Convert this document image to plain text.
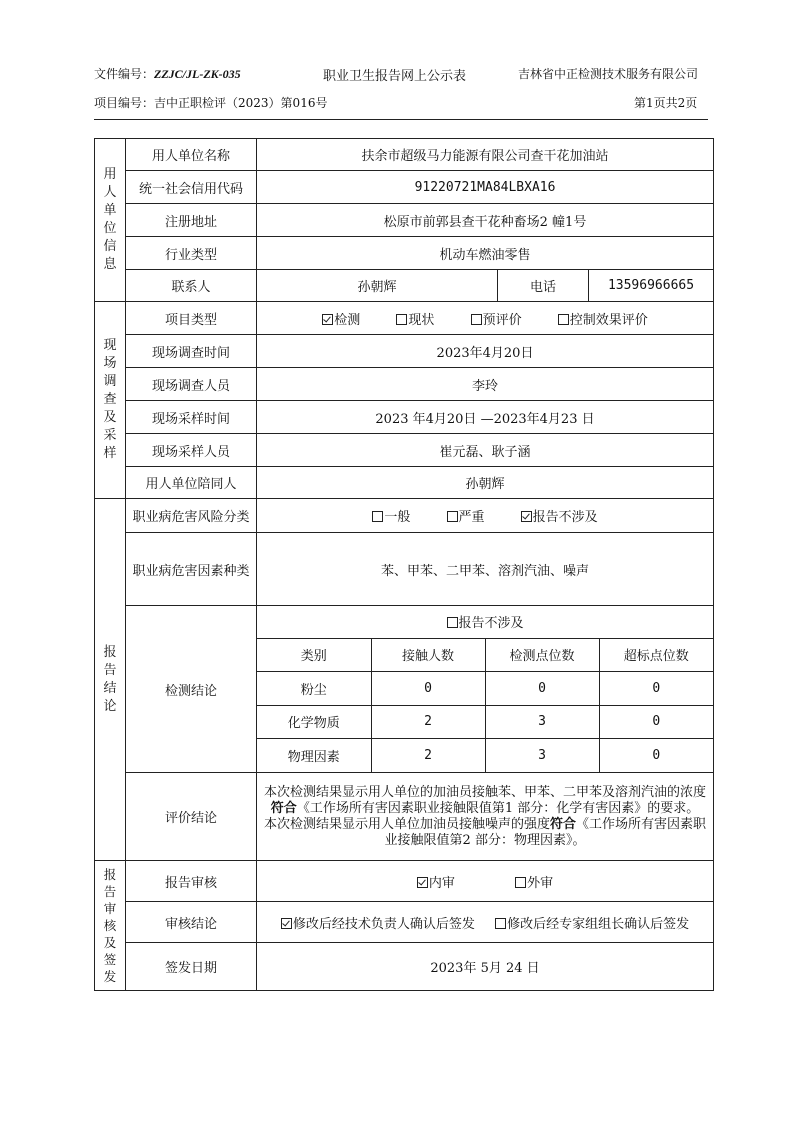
文件编号：ZZJC/JL-ZK-035	职业卫生报告网上公示表	吉林省中正检测技术服务有限公司
项目编号：吉中正职检评（2023）第016号	第1页共2页
用
人
单
位
信
息
	用人单位名称	扶余市超级马力能源有限公司查干花加油站
统一社会信用代码	91220721MA84LBXA16
注册地址	松原市前郭县查干花种畜场2 幢1号
行业类型	机动车燃油零售
联系人	孙朝辉	电话	13596966665

现
场
调
查
及
采
样
	项目类型	检测	现状	预评价	控制效果评价
现场调查时间	2023年4月20日
现场调查人员	李玲
现场采样时间	2023 年4月20日 —2023年4月23 日
现场采样人员	崔元磊、耿子涵
用人单位陪同人	孙朝辉

报
告
结
论
	职业病危害风险分类	一般	严重	报告不涉及
职业病危害因素种类	苯、甲苯、二甲苯、溶剂汽油、噪声
检测结论	
报告不涉及
类别	接触人数	检测点位数	超标点位数
粉尘	0	0	0
化学物质	2	3	0
物理因素	2	3	0

评价结论	

本次检测结果显示用人单位的加油员接触苯、甲苯、二甲苯及溶剂汽油的浓度符合《工作场所有害因素职业接触限值第1 部分：化学有害因素》的要求。

本次检测结果显示用人单位加油员接触噪声的强度符合《工作场所有害因素职业接触限值第2 部分：物理因素》。

报
告
审
核
及
签
发
	报告审核	内审	外审
审核结论	修改后经技术负责人确认后签发 修改后经专家组组长确认后签发
签发日期	2023年 5月 24 日
